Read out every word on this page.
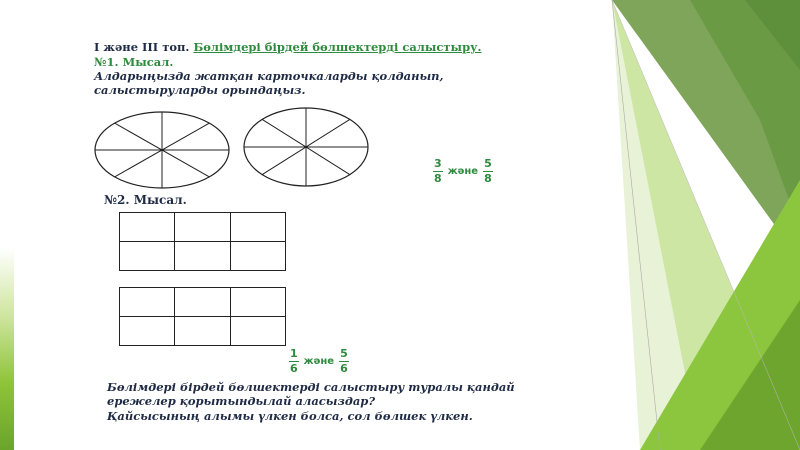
І және ІІІ топ. Бөлімдері бірдей бөлшектерді салыстыру.
№1. Мысал.
Алдарыңызда жатқан карточкаларды қолданып, салыстыруларды орындаңыз.
$\frac{3}{8}$ және $\frac{5}{8}$
№2. Мысал.
$\frac{1}{6}$ және $\frac{5}{6}$
Бөлімдері бірдей бөлшектерді салыстыру туралы қандай ережелер қорытындылай аласыздар?
Қайсысының алымы үлкен болса, сол бөлшек үлкен.
